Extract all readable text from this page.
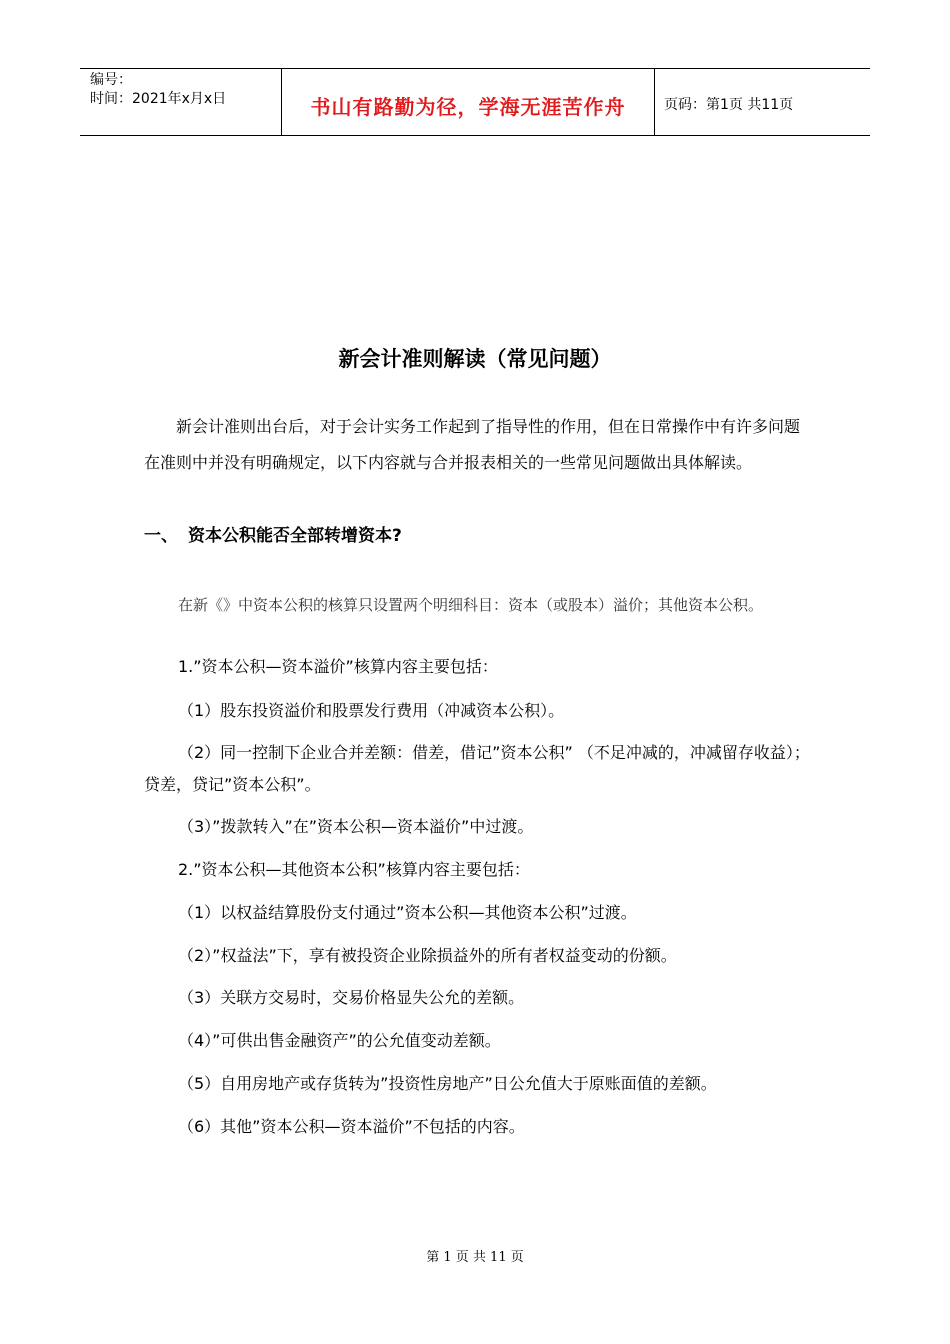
编号：
时间：2021年x月x日	书山有路勤为径，学海无涯苦作舟	页码：第1页 共11页
新会计准则解读（常见问题）
新会计准则出台后，对于会计实务工作起到了指导性的作用，但在日常操作中有许多问题在准则中并没有明确规定，以下内容就与合并报表相关的一些常见问题做出具体解读。
一、 资本公积能否全部转增资本?
在新《》中资本公积的核算只设置两个明细科目：资本（或股本）溢价；其他资本公积。
1.”资本公积—资本溢价”核算内容主要包括：
（1）股东投资溢价和股票发行费用（冲减资本公积）。
（2）同一控制下企业合并差额：借差，借记”资本公积” （不足冲减的，冲减留存收益）；贷差，贷记”资本公积”。
（3）”拨款转入”在”资本公积—资本溢价”中过渡。
2.”资本公积—其他资本公积”核算内容主要包括：
（1）以权益结算股份支付通过”资本公积—其他资本公积”过渡。
（2）”权益法”下，享有被投资企业除损益外的所有者权益变动的份额。
（3）关联方交易时，交易价格显失公允的差额。
（4）”可供出售金融资产”的公允值变动差额。
（5）自用房地产或存货转为”投资性房地产”日公允值大于原账面值的差额。
（6）其他”资本公积—资本溢价”不包括的内容。
第 1 页 共 11 页
